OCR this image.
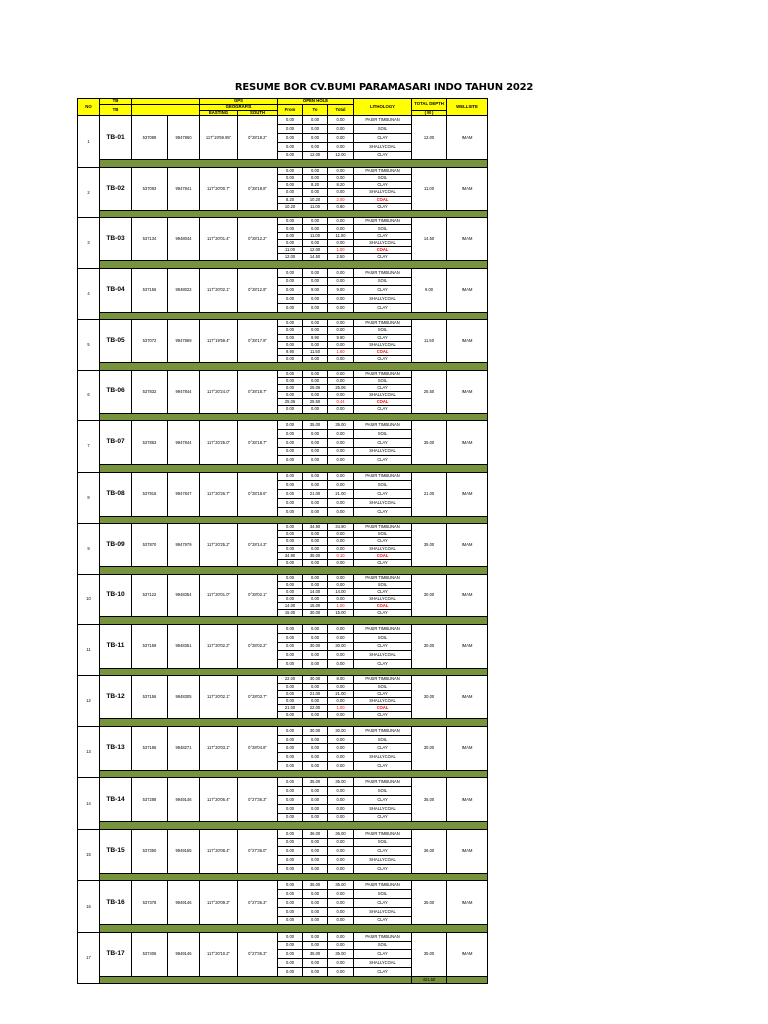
RESUME BOR CV.BUMI PARAMASARI INDO TAHUN 2022
NO	TB			GPS		OPEN HOLE			LITHOLOGY	TOTAL DEPTH	WELLSITE
	TB			GEOGRAFIS		From	To	Total			
				EASTING	SOUTH					( M )	
1	TB-01	537089	9947860	117°19'59.95"	0°28'18.2"	0.00	0.00	0.00	PASIR TIMBUNAN	12.00	IMAM
						0.00	0.00	0.00	SOIL		
						0.00	0.00	0.00	CLAY		
						0.00	0.00	0.00	SHALLYCOAL		
						0.00	12.00	12.00	CLAY		

2	TB-02	537093	9947841	117°20'00.7"	0°28'18.8"	0.00	0.00	0.00	PASIR TIMBUNAN	11.00	IMAM
						0.00	0.00	0.00	SOIL		
						0.00	8.20	8.20	CLAY		
						0.00	0.00	0.00	SHALLYCOAL		
						8.20	10.20	2.00	COAL		
						10.20	11.00	0.80	CLAY		

3	TB-03	537134	9948044	117°20'01.4"	0°28'12.2"	0.00	0.00	0.00	PASIR TIMBUNAN	14.50	IMAM
						0.00	0.00	0.00	SOIL		
						0.00	11.00	11.00	CLAY		
						0.00	0.00	0.00	SHALLYCOAL		
						11.00	12.00	1.00	COAL		
						12.00	14.50	2.50	CLAY		

4	TB-04	537156	9948022	117°20'02.1"	0°28'12.9"	0.00	0.00	0.00	PASIR TIMBUNAN	9.00	IMAM
						0.00	0.00	0.00	SOIL		
						0.00	9.00	9.00	CLAY		
						0.00	0.00	0.00	SHALLYCOAL		
						0.00	0.00	0.00	CLAY		

5	TB-05	537072	9947869	117°19'59.4"	0°28'17.9"	0.00	0.00	0.00	PASIR TIMBUNAN	11.50	IMAM
						0.00	0.00	0.00	SOIL		
						0.00	9.90	9.90	CLAY		
						0.00	0.00	0.00	SHALLYCOAL		
						9.90	11.50	1.60	COAL		
						0.00	0.00	0.00	CLAY		

6	TB-06	537832	9947844	117°20'24.0"	0°28'18.7"	0.00	0.00	0.00	PASIR TIMBUNAN	25.50	IMAM
						0.00	0.00	0.00	SOIL		
						0.00	25.06	25.06	CLAY		
						0.00	0.00	0.00	SHALLYCOAL		
						25.06	25.50	0.44	COAL		
						0.00	0.00	0.00	CLAY		

7	TB-07	537863	9947844	117°20'25.0"	0°28'18.7"	0.00	35.00	35.00	PASIR TIMBUNAN	35.00	IMAM
						0.00	0.00	0.00	SOIL		
						0.00	0.00	0.00	CLAY		
						0.00	0.00	0.00	SHALLYCOAL		
						0.00	0.00	0.00	CLAY		

8	TB-08	537916	9947847	117°20'26.7"	0°28'18.6"	0.00	0.00	0.00	PASIR TIMBUNAN	21.00	IMAM
						0.00	0.00	0.00	SOIL		
						0.00	21.00	21.00	CLAY		
						0.00	0.00	0.00	SHALLYCOAL		
						0.00	0.00	0.00	CLAY		

9	TB-09	537870	9947979	117°20'25.2"	0°28'14.3"	0.00	34.90	34.90	PASIR TIMBUNAN	35.00	IMAM
						0.00	0.00	0.00	SOIL		
						0.00	0.00	0.00	CLAY		
						0.00	0.00	0.00	SHALLYCOAL		
						34.90	35.00	0.10	COAL		
						0.00	0.00	0.00	CLAY		

10	TB-10	537122	9948354	117°20'01.0"	0°28'02.1"	0.00	0.00	0.00	PASIR TIMBUNAN	30.00	IMAM
						0.00	0.00	0.00	SOIL		
						0.00	14.00	14.00	CLAY		
						0.00	0.00	0.00	SHALLYCOAL		
						14.00	15.00	1.00	COAL		
						15.00	30.00	15.00	CLAY		

11	TB-11	537159	9948351	117°20'02.2"	0°28'02.2"	0.00	0.00	0.00	PASIR TIMBUNAN	30.00	IMAM
						0.00	0.00	0.00	SOIL		
						0.00	30.00	30.00	CLAY		
						0.00	0.00	0.00	SHALLYCOAL		
						0.00	0.00	0.00	CLAY		

12	TB-12	537156	9948305	117°20'02.1"	0°28'03.7"	22.00	30.00	8.00	PASIR TIMBUNAN	30.00	IMAM
						0.00	0.00	0.00	SOIL		
						0.00	21.00	21.00	CLAY		
						0.00	0.00	0.00	SHALLYCOAL		
						21.00	22.00	1.00	COAL		
						0.00	0.00	0.00	CLAY		

13	TB-13	537186	9948271	117°20'03.1"	0°28'04.8"	0.00	30.00	30.00	PASIR TIMBUNAN	30.00	IMAM
						0.00	0.00	0.00	SOIL		
						0.00	0.00	0.00	CLAY		
						0.00	0.00	0.00	SHALLYCOAL		
						0.00	0.00	0.00	CLAY		

14	TB-14	537288	9949146	117°20'06.4"	0°27'36.3"	0.00	35.00	35.00	PASIR TIMBUNAN	35.00	IMAM
						0.00	0.00	0.00	SOIL		
						0.00	0.00	0.00	CLAY		
						0.00	0.00	0.00	SHALLYCOAL		
						0.00	0.00	0.00	CLAY		

15	TB-15	537350	9949155	117°20'08.4"	0°27'36.0"	0.00	36.00	36.00	PASIR TIMBUNAN	36.00	IMAM
						0.00	0.00	0.00	SOIL		
						0.00	0.00	0.00	CLAY		
						0.00	0.00	0.00	SHALLYCOAL		
						0.00	0.00	0.00	CLAY		

16	TB-16	537378	9949146	117°20'09.3"	0°27'36.3"	0.00	35.00	35.00	PASIR TIMBUNAN	35.00	IMAM
						0.00	0.00	0.00	SOIL		
						0.00	0.00	0.00	CLAY		
						0.00	0.00	0.00	SHALLYCOAL		
						0.00	0.00	0.00	CLAY		

17	TB-17	537406	9949146	117°20'10.2"	0°27'36.3"	0.00	0.00	0.00	PASIR TIMBUNAN	35.00	IMAM
						0.00	0.00	0.00	SOIL		
						0.00	35.00	35.00	CLAY		
						0.00	0.00	0.00	SHALLYCOAL		
						0.00	0.00	0.00	CLAY		
										421.50	
